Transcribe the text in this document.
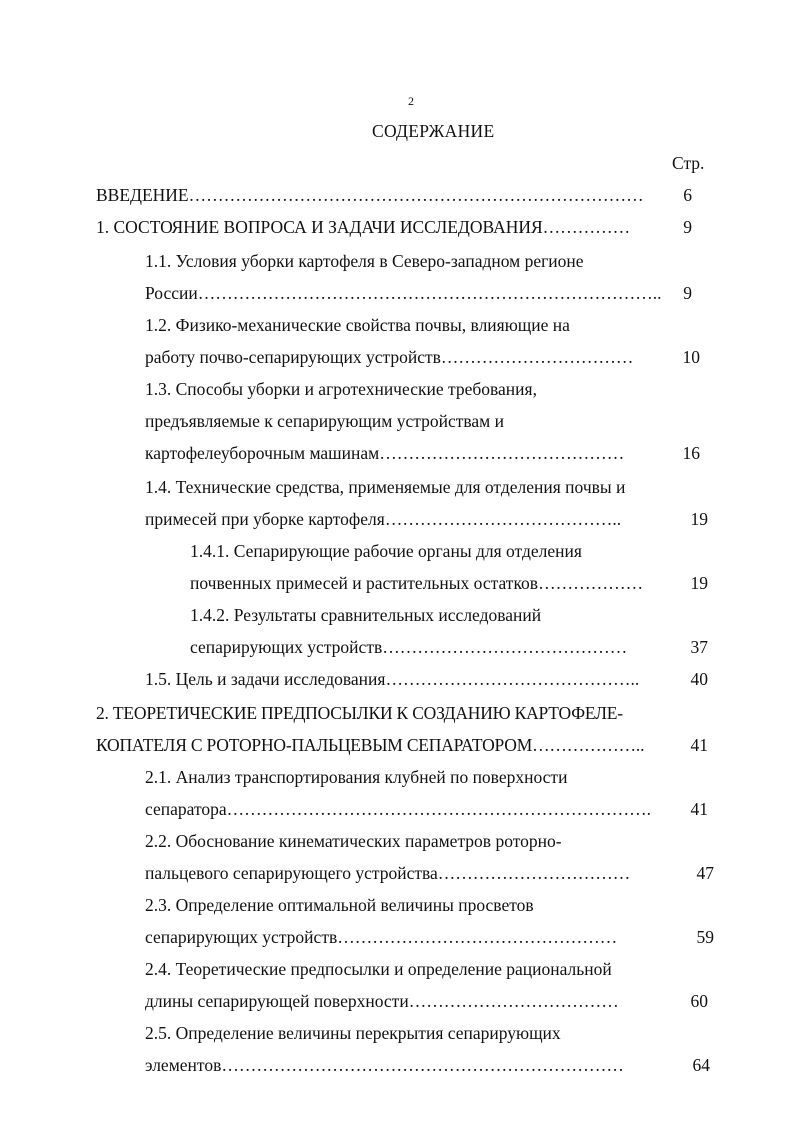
2
СОДЕРЖАНИЕ
Стр.
ВВЕДЕНИЕ……………………………………………………………………	6
1. СОСТОЯНИЕ ВОПРОСА И ЗАДАЧИ ИССЛЕДОВАНИЯ……………	9
1.1. Условия уборки картофеля в Северо-западном регионе
России……………………………………………………………………..	9
1.2. Физико-механические свойства почвы, влияющие на
работу почво-сепарирующих устройств……………………………	10
1.3. Способы уборки и агротехнические требования,
предъявляемые к сепарирующим устройствам и
картофелеуборочным машинам……………………………………	16
1.4. Технические средства, применяемые для отделения почвы и
примесей при уборке картофеля…………………………………..	19
1.4.1. Сепарирующие рабочие органы для отделения
почвенных примесей и растительных остатков………………	19
1.4.2. Результаты сравнительных исследований
сепарирующих устройств……………………………………	37
1.5. Цель и задачи исследования……………………………………..	40
2. ТЕОРЕТИЧЕСКИЕ ПРЕДПОСЫЛКИ К СОЗДАНИЮ КАРТОФЕЛЕ-
КОПАТЕЛЯ С РОТОРНО-ПАЛЬЦЕВЫМ СЕПАРАТОРОМ………………..	41
2.1. Анализ транспортирования клубней по поверхности
сепаратора……………………………………………………………….	41
2.2. Обоснование кинематических параметров роторно-
пальцевого сепарирующего устройства……………………………	47
2.3. Определение оптимальной величины просветов
сепарирующих устройств…………………………………………	59
2.4. Теоретические предпосылки и определение рациональной
длины сепарирующей поверхности………………………………	60
2.5. Определение величины перекрытия сепарирующих
элементов……………………………………………………………	64
